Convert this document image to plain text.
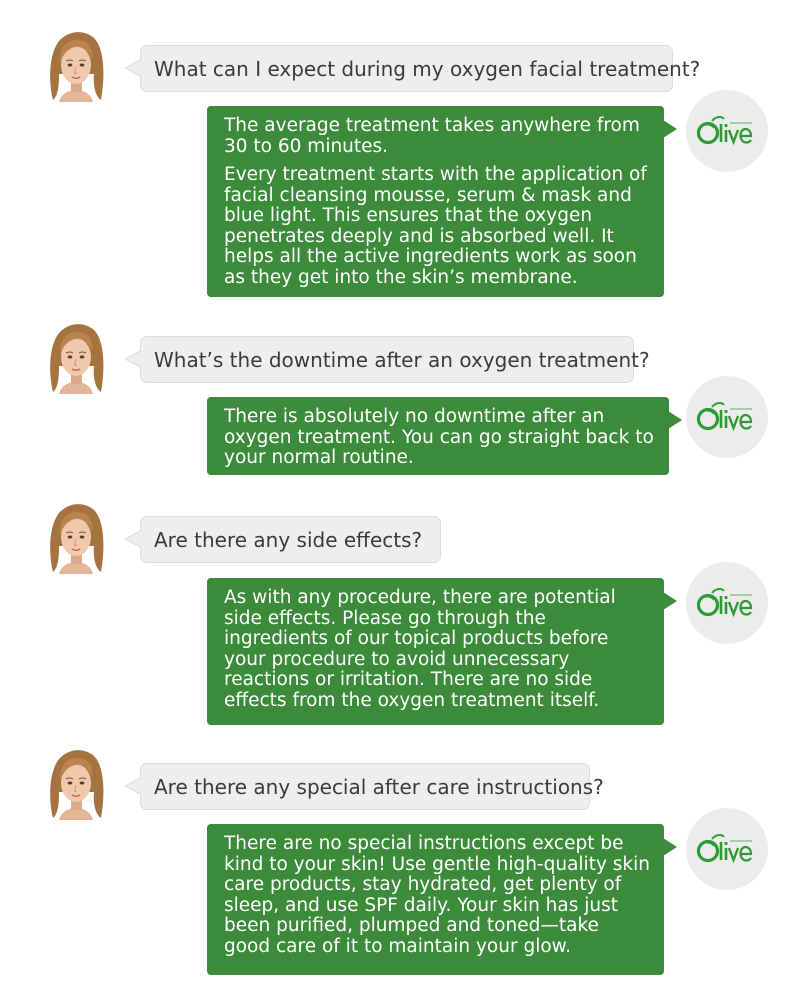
What can I expect during my oxygen facial treatment?

The average treatment takes anywhere from 30 to 60 minutes.

Every treatment starts with the application of facial cleansing mousse, serum & mask and blue light. This ensures that the oxygen penetrates deeply and is absorbed well. It helps all the active ingredients work as soon as they get into the skin’s membrane.

What’s the downtime after an oxygen treatment?

There is absolutely no downtime after an oxygen treatment. You can go straight back to your normal routine.

Are there any side effects?

As with any procedure, there are potential side effects. Please go through the ingredients of our topical products before your procedure to avoid unnecessary reactions or irritation. There are no side effects from the oxygen treatment itself.

Are there any special after care instructions?

There are no special instructions except be kind to your skin! Use gentle high-quality skin care products, stay hydrated, get plenty of sleep, and use SPF daily. Your skin has just been purified, plumped and toned—take good care of it to maintain your glow.
